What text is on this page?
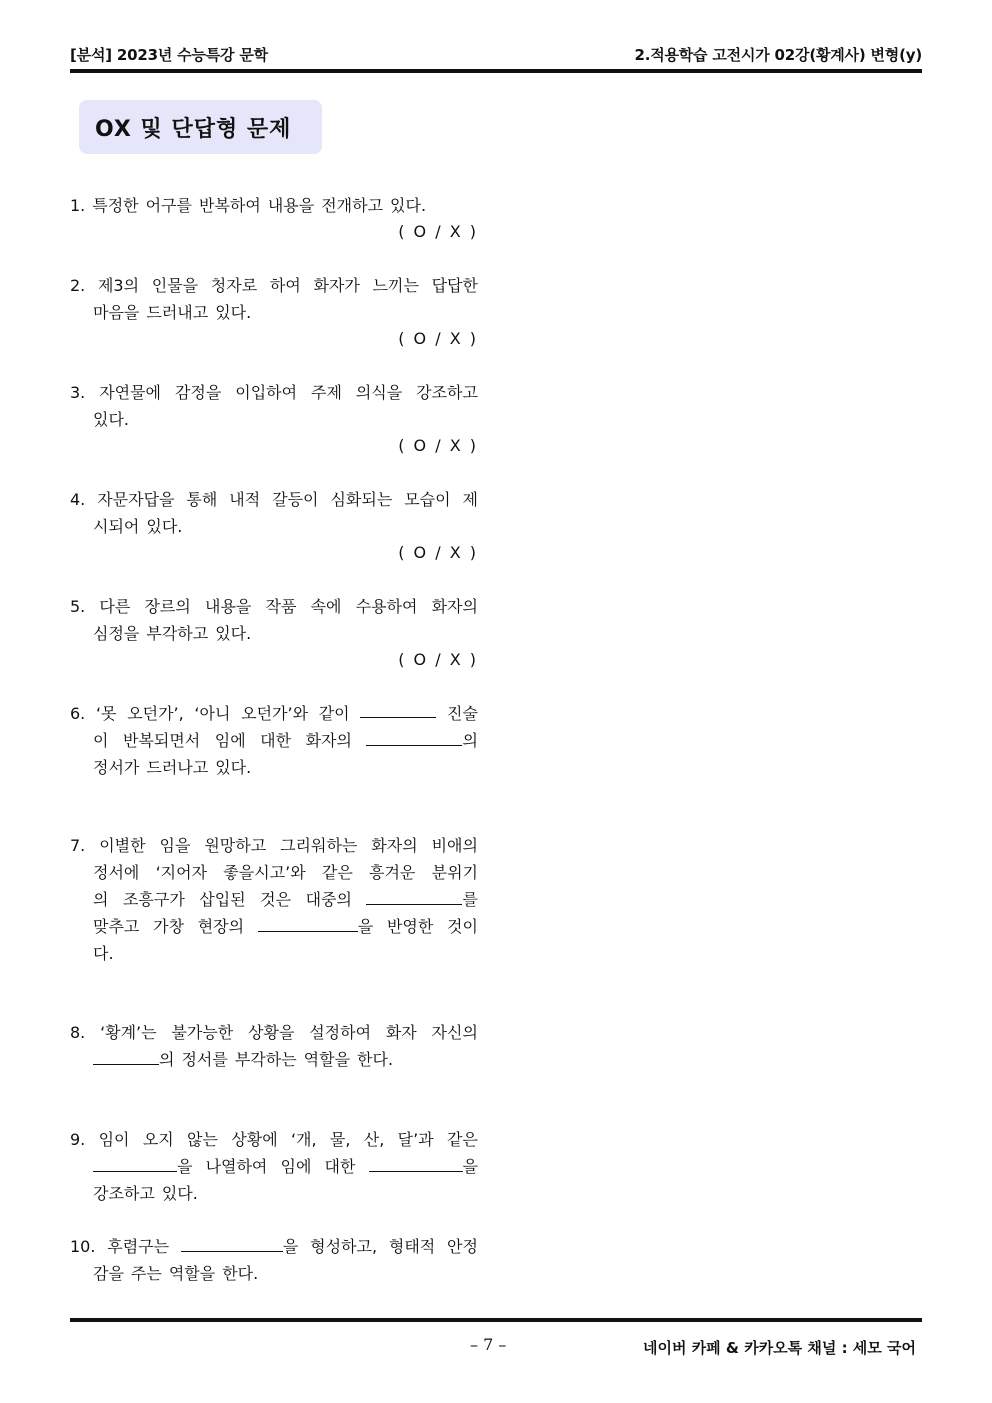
[분석] 2023년 수능특강 문학	2.적용학습 고전시가 02강(황계사) 변형(y)
OX 및 단답형 문제
1. 특정한 어구를 반복하여 내용을 전개하고 있다.
( O / X )
2. 제3의 인물을 청자로 하여 화자가 느끼는 답답한
마음을 드러내고 있다.
( O / X )
3. 자연물에 감정을 이입하여 주제 의식을 강조하고
있다.
( O / X )
4. 자문자답을 통해 내적 갈등이 심화되는 모습이 제
시되어 있다.
( O / X )
5. 다른 장르의 내용을 작품 속에 수용하여 화자의
심정을 부각하고 있다.
( O / X )
6. ‘못 오던가’, ‘아니 오던가’와 같이	진술
이 반복되면서 임에 대한 화자의	의
정서가 드러나고 있다.
7. 이별한 임을 원망하고 그리워하는 화자의 비애의
정서에 ‘지어자 좋을시고’와 같은 흥겨운 분위기
의 조흥구가 삽입된 것은 대중의	를
맞추고 가창 현장의	을 반영한 것이
다.
8. ‘황계’는 불가능한 상황을 설정하여 화자 자신의
의 정서를 부각하는 역할을 한다.
9. 임이 오지 않는 상황에 ‘개, 물, 산, 달’과 같은
을 나열하여 임에 대한	을
강조하고 있다.
10. 후렴구는	을 형성하고, 형태적 안정
감을 주는 역할을 한다.
– 7 –	네이버 카페 & 카카오톡 채널 : 세모 국어
